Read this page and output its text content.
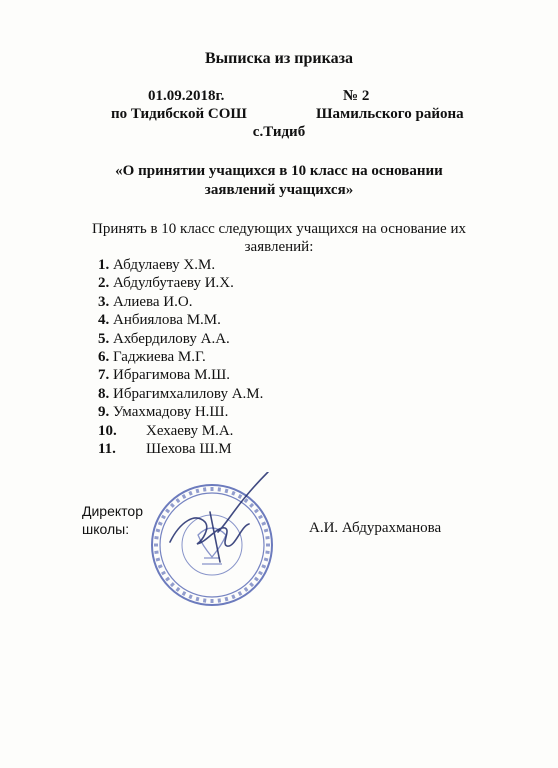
Выписка из приказа
01.09.2018г.	№ 2
по Тидибской СОШ	Шамильского района
с.Тидиб
«О принятии учащихся в 10 класс на основании
заявлений учащихся»
Принять в 10 класс следующих учащихся на основание их
заявлений:
1. Абдулаеву Х.М.
2. Абдулбутаеву И.Х.
3. Алиева И.О.
4. Анбиялова М.М.
5. Ахбердилову А.А.
6. Гаджиева М.Г.
7. Ибрагимова М.Ш.
8. Ибрагимхалилову А.М.
9. Умахмадову Н.Ш.
10. Хехаеву М.А.
11. Шехова Ш.М
Директор
школы:	А.И. Абдурахманова
